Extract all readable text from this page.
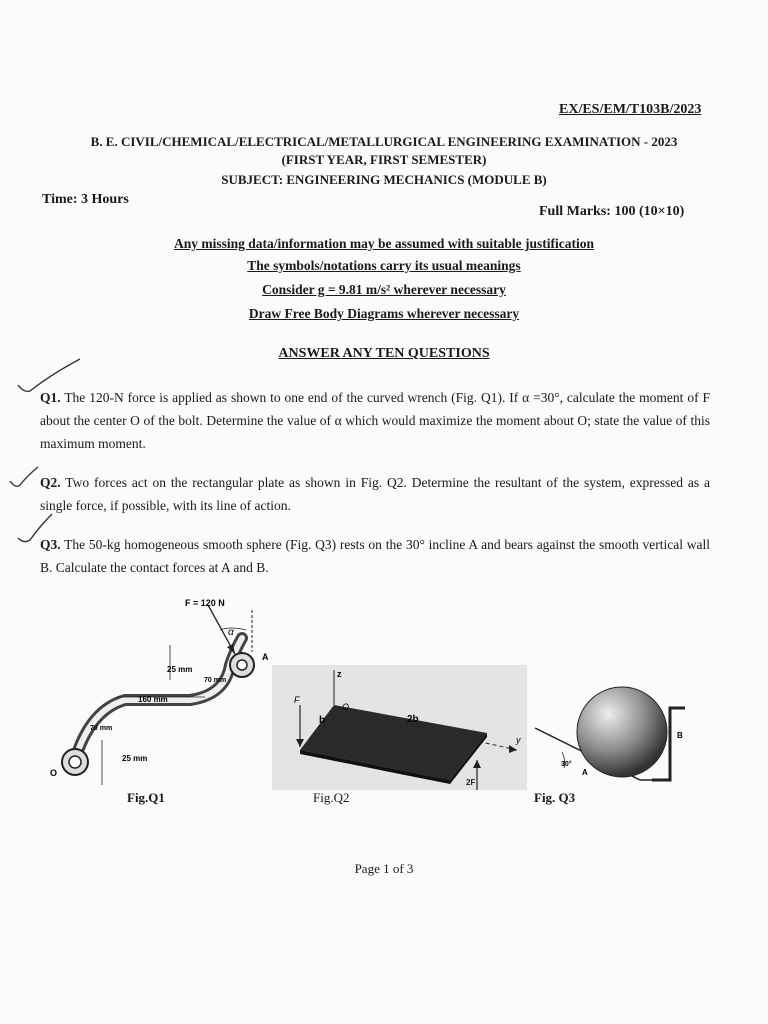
EX/ES/EM/T103B/2023
B. E. CIVIL/CHEMICAL/ELECTRICAL/METALLURGICAL ENGINEERING EXAMINATION - 2023
(FIRST YEAR, FIRST SEMESTER)
SUBJECT: ENGINEERING MECHANICS (MODULE B)
Time: 3 Hours
Full Marks: 100 (10×10)
Any missing data/information may be assumed with suitable justification
The symbols/notations carry its usual meanings
Consider g = 9.81 m/s² wherever necessary
Draw Free Body Diagrams wherever necessary
ANSWER ANY TEN QUESTIONS
Q1. The 120-N force is applied as shown to one end of the curved wrench (Fig. Q1). If α =30°, calculate the moment of F about the center O of the bolt. Determine the value of α which would maximize the moment about O; state the value of this maximum moment.
Q2. Two forces act on the rectangular plate as shown in Fig. Q2. Determine the resultant of the system, expressed as a single force, if possible, with its line of action.
Q3. The 50-kg homogeneous smooth sphere (Fig. Q3) rests on the 30° incline A and bears against the smooth vertical wall B. Calculate the contact forces at A and B.
F = 120 N
α
A
O
25 mm
160 mm
70 mm
70 mm
25 mm
Fig.Q1
z
O
F
b	2b
2F
y
Fig.Q2
B
A
30°
Fig. Q3
Page 1 of 3
